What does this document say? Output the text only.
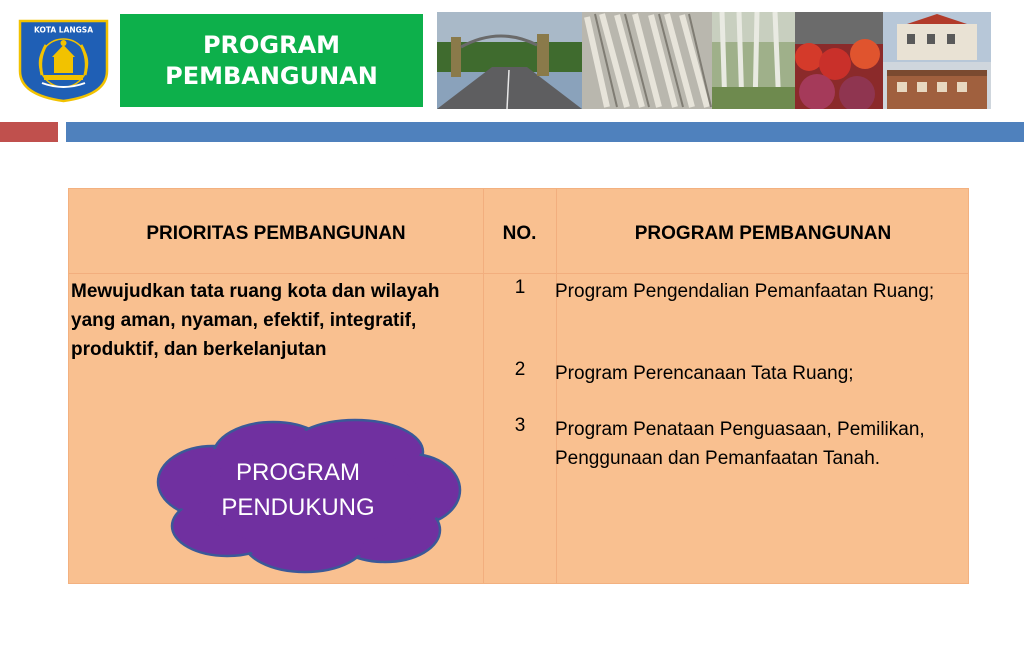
KOTA LANGSA
PROGRAM
PEMBANGUNAN
PRIORITAS PEMBANGUNAN	NO.	PROGRAM PEMBANGUNAN
Mewujudkan tata ruang kota dan wilayah yang aman, nyaman, efektif, integratif, produktif, dan berkelanjutan
1	Program Pengendalian Pemanfaatan Ruang;
2	Program Perencanaan Tata Ruang;
3	Program Penataan Penguasaan, Pemilikan, Penggunaan dan Pemanfaatan Tanah.
PROGRAM
PENDUKUNG
